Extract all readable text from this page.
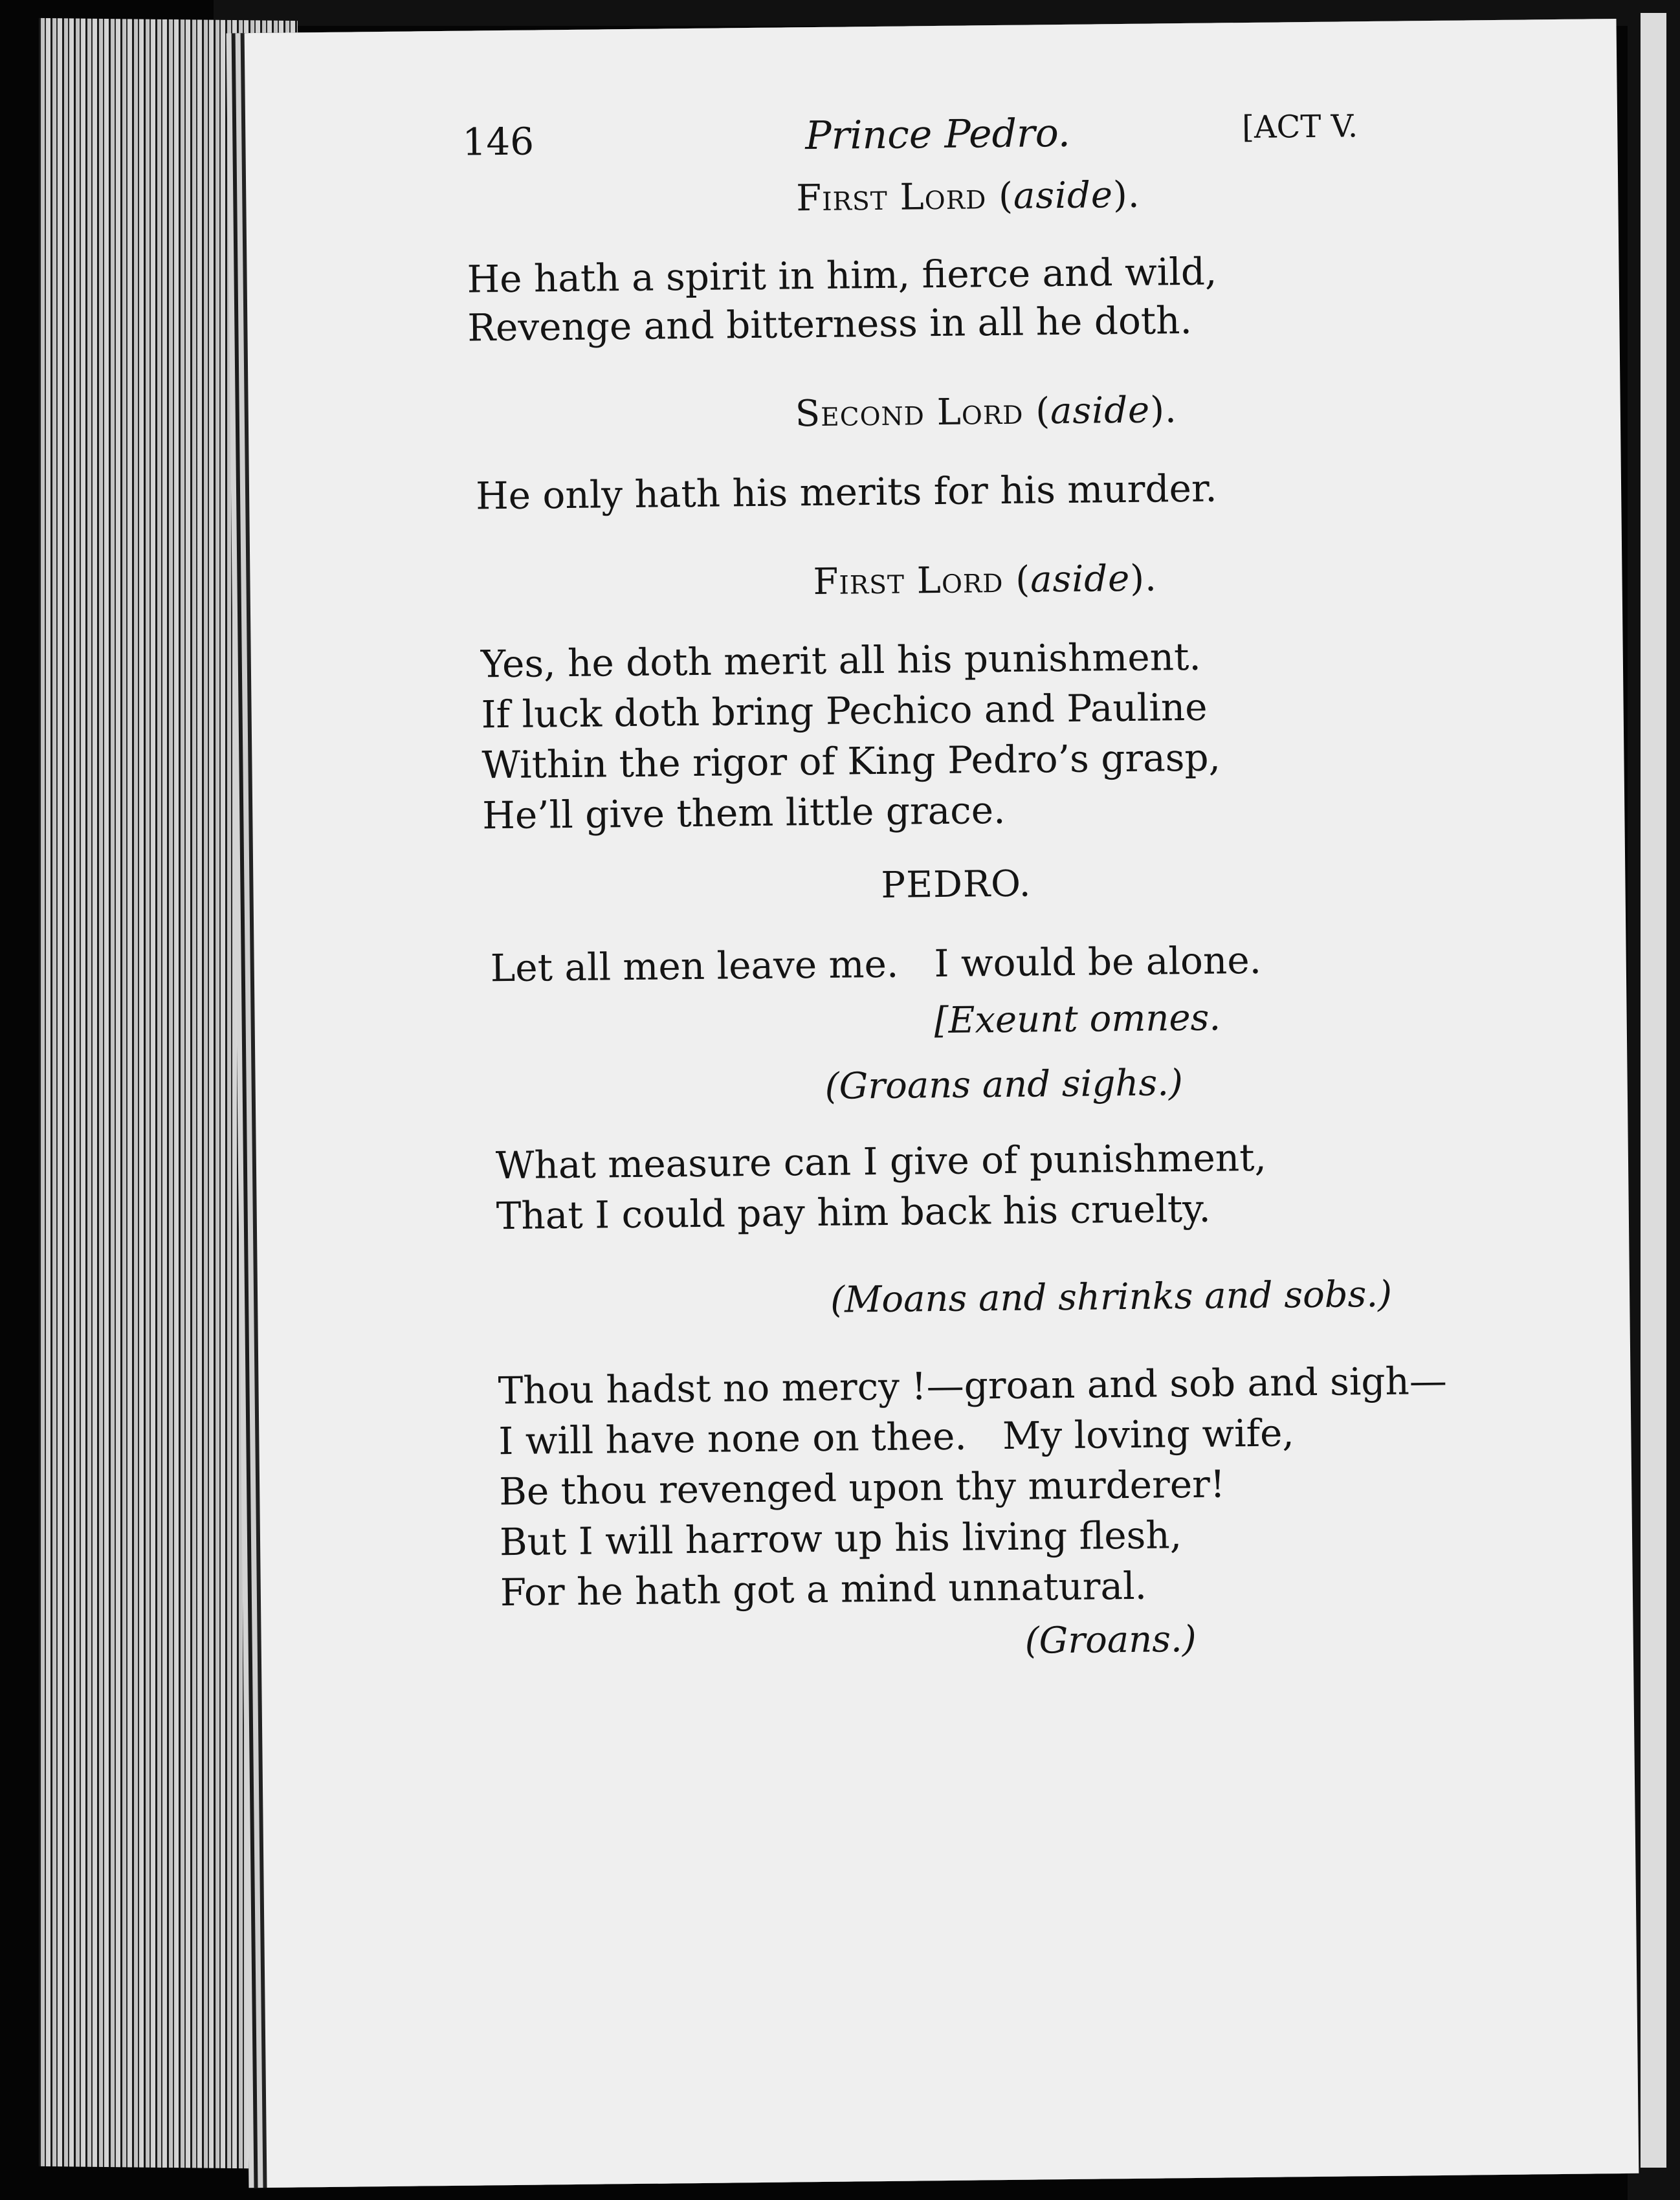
146	Prince Pedro.	[ACT V.
First Lord (aside).
He hath a spirit in him, fierce and wild,
Revenge and bitterness in all he doth.
Second Lord (aside).
He only hath his merits for his murder.
First Lord (aside).
Yes, he doth merit all his punishment.
If luck doth bring Pechico and Pauline
Within the rigor of King Pedro’s grasp,
He’ll give them little grace.
PEDRO.
Let all men leave me.   I would be alone.
[Exeunt omnes.
(Groans and sighs.)
What measure can I give of punishment,
That I could pay him back his cruelty.
(Moans and shrinks and sobs.)
Thou hadst no mercy !—groan and sob and sigh—
I will have none on thee.   My loving wife,
Be thou revenged upon thy murderer!
But I will harrow up his living flesh,
For he hath got a mind unnatural.
(Groans.)
